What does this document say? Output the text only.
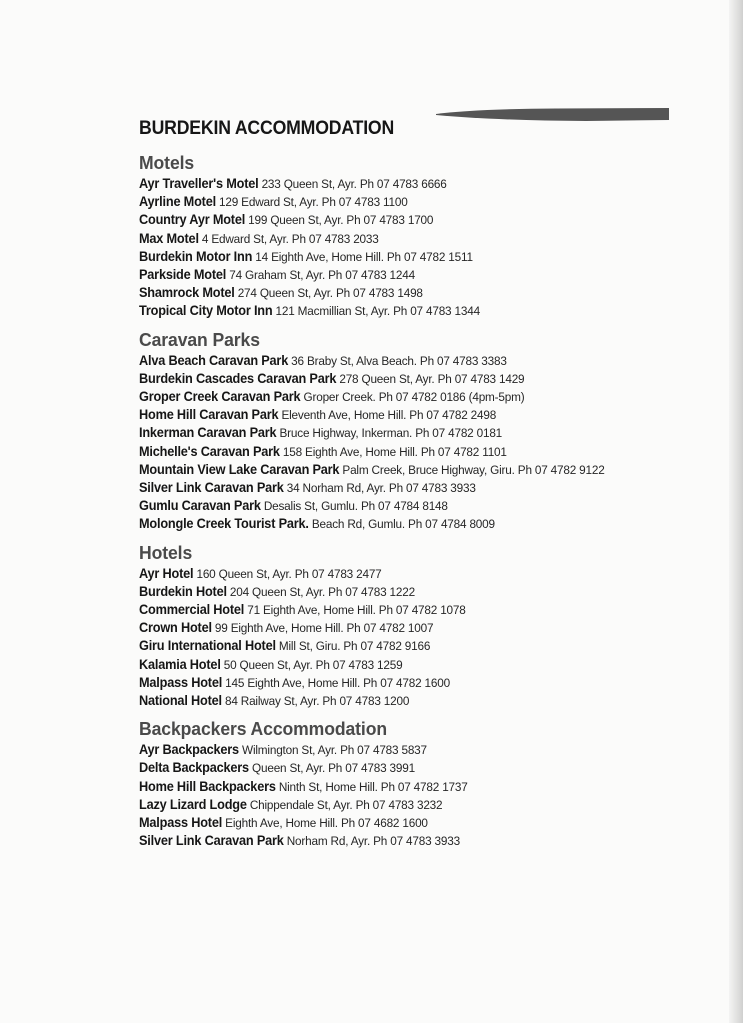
BURDEKIN ACCOMMODATION
Motels
Ayr Traveller's Motel 233 Queen St, Ayr. Ph 07 4783 6666
Ayrline Motel 129 Edward St, Ayr. Ph 07 4783 1100
Country Ayr Motel 199 Queen St, Ayr. Ph 07 4783 1700
Max Motel 4 Edward St, Ayr. Ph 07 4783 2033
Burdekin Motor Inn 14 Eighth Ave, Home Hill. Ph 07 4782 1511
Parkside Motel 74 Graham St, Ayr. Ph 07 4783 1244
Shamrock Motel 274 Queen St, Ayr. Ph 07 4783 1498
Tropical City Motor Inn 121 Macmillian St, Ayr. Ph 07 4783 1344
Caravan Parks
Alva Beach Caravan Park 36 Braby St, Alva Beach. Ph 07 4783 3383
Burdekin Cascades Caravan Park 278 Queen St, Ayr. Ph 07 4783 1429
Groper Creek Caravan Park Groper Creek. Ph 07 4782 0186 (4pm-5pm)
Home Hill Caravan Park Eleventh Ave, Home Hill. Ph 07 4782 2498
Inkerman Caravan Park Bruce Highway, Inkerman. Ph 07 4782 0181
Michelle's Caravan Park 158 Eighth Ave, Home Hill. Ph 07 4782 1101
Mountain View Lake Caravan Park Palm Creek, Bruce Highway, Giru. Ph 07 4782 9122
Silver Link Caravan Park 34 Norham Rd, Ayr. Ph 07 4783 3933
Gumlu Caravan Park Desalis St, Gumlu. Ph 07 4784 8148
Molongle Creek Tourist Park. Beach Rd, Gumlu. Ph 07 4784 8009
Hotels
Ayr Hotel 160 Queen St, Ayr. Ph 07 4783 2477
Burdekin Hotel 204 Queen St, Ayr. Ph 07 4783 1222
Commercial Hotel 71 Eighth Ave, Home Hill. Ph 07 4782 1078
Crown Hotel 99 Eighth Ave, Home Hill. Ph 07 4782 1007
Giru International Hotel Mill St, Giru. Ph 07 4782 9166
Kalamia Hotel 50 Queen St, Ayr. Ph 07 4783 1259
Malpass Hotel 145 Eighth Ave, Home Hill. Ph 07 4782 1600
National Hotel 84 Railway St, Ayr. Ph 07 4783 1200
Backpackers Accommodation
Ayr Backpackers Wilmington St, Ayr. Ph 07 4783 5837
Delta Backpackers Queen St, Ayr. Ph 07 4783 3991
Home Hill Backpackers Ninth St, Home Hill. Ph 07 4782 1737
Lazy Lizard Lodge Chippendale St, Ayr. Ph 07 4783 3232
Malpass Hotel Eighth Ave, Home Hill. Ph 07 4682 1600
Silver Link Caravan Park Norham Rd, Ayr. Ph 07 4783 3933
